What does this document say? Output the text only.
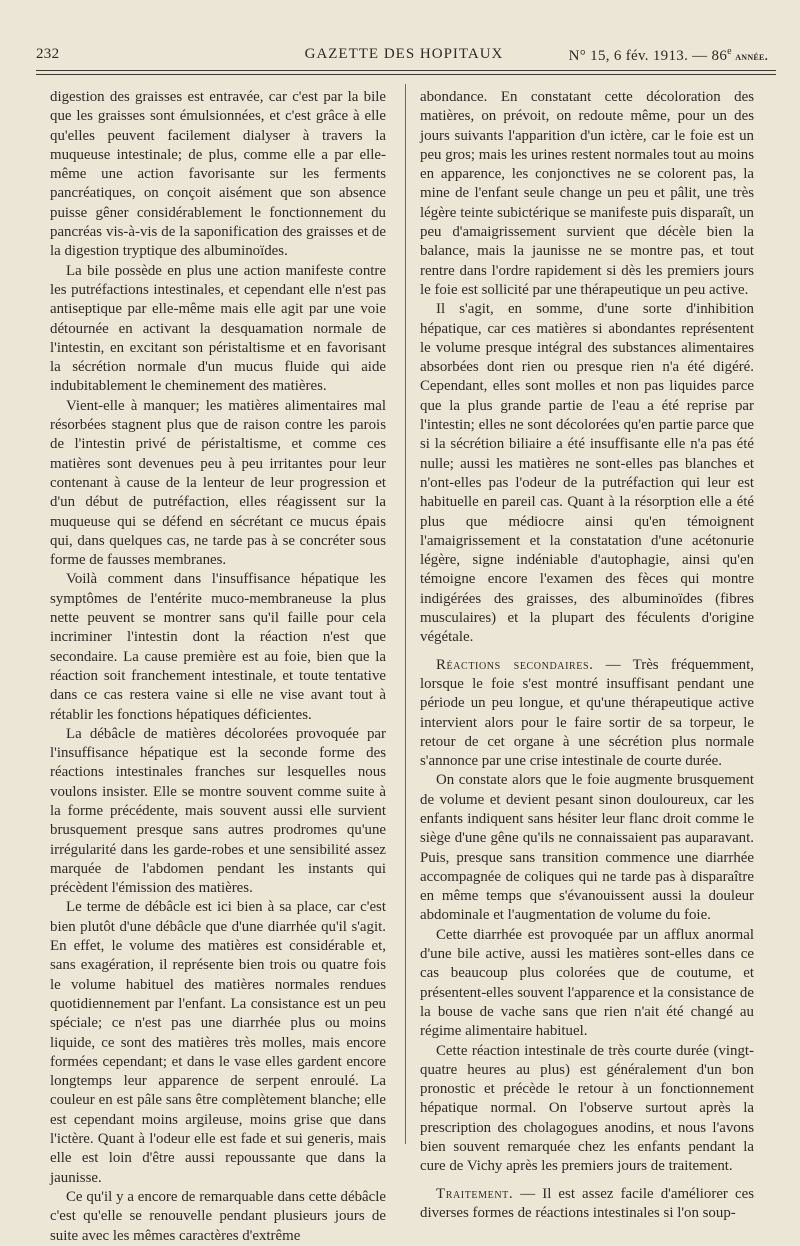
232	GAZETTE DES HOPITAUX	N° 15, 6 fév. 1913. — 86e année.

digestion des graisses est entravée, car c'est par la bile que les graisses sont émulsionnées, et c'est grâce à elle qu'elles peuvent facilement dialyser à travers la muqueuse intestinale; de plus, comme elle a par elle-même une action favorisante sur les ferments pancréatiques, on conçoit aisément que son absence puisse gêner considérablement le fonctionnement du pancréas vis-à-vis de la saponification des graisses et de la digestion tryptique des albuminoïdes.

La bile possède en plus une action manifeste contre les putréfactions intestinales, et cependant elle n'est pas antiseptique par elle-même mais elle agit par une voie détournée en activant la desquamation normale de l'intestin, en excitant son péristaltisme et en favorisant la sécrétion normale d'un mucus fluide qui aide indubitablement le cheminement des matières.

Vient-elle à manquer; les matières alimentaires mal résorbées stagnent plus que de raison contre les parois de l'intestin privé de péristaltisme, et comme ces matières sont devenues peu à peu irritantes pour leur contenant à cause de la lenteur de leur progression et d'un début de putréfaction, elles réagissent sur la muqueuse qui se défend en sécrétant ce mucus épais qui, dans quelques cas, ne tarde pas à se concréter sous forme de fausses membranes.

Voilà comment dans l'insuffisance hépatique les symptômes de l'entérite muco-membraneuse la plus nette peuvent se montrer sans qu'il faille pour cela incriminer l'intestin dont la réaction n'est que secondaire. La cause première est au foie, bien que la réaction soit franchement intestinale, et toute tentative dans ce cas restera vaine si elle ne vise avant tout à rétablir les fonctions hépatiques déficientes.

La débâcle de matières décolorées provoquée par l'insuffisance hépatique est la seconde forme des réactions intestinales franches sur lesquelles nous voulons insister. Elle se montre souvent comme suite à la forme précédente, mais souvent aussi elle survient brusquement presque sans autres prodromes qu'une irrégularité dans les garde-robes et une sensibilité assez marquée de l'abdomen pendant les instants qui précèdent l'émission des matières.

Le terme de débâcle est ici bien à sa place, car c'est bien plutôt d'une débâcle que d'une diarrhée qu'il s'agit. En effet, le volume des matières est considérable et, sans exagération, il représente bien trois ou quatre fois le volume habituel des matières normales rendues quotidiennement par l'enfant. La consistance est un peu spéciale; ce n'est pas une diarrhée plus ou moins liquide, ce sont des matières très molles, mais encore formées cependant; et dans le vase elles gardent encore longtemps leur apparence de serpent enroulé. La couleur en est pâle sans être complètement blanche; elle est cependant moins argileuse, moins grise que dans l'ictère. Quant à l'odeur elle est fade et sui generis, mais elle est loin d'être aussi repoussante que dans la jaunisse.

Ce qu'il y a encore de remarquable dans cette débâcle c'est qu'elle se renouvelle pendant plusieurs jours de suite avec les mêmes caractères d'extrême

abondance. En constatant cette décoloration des matières, on prévoit, on redoute même, pour un des jours suivants l'apparition d'un ictère, car le foie est un peu gros; mais les urines restent normales tout au moins en apparence, les conjonctives ne se colorent pas, la mine de l'enfant seule change un peu et pâlit, une très légère teinte subictérique se manifeste puis disparaît, un peu d'amaigrissement survient que décèle bien la balance, mais la jaunisse ne se montre pas, et tout rentre dans l'ordre rapidement si dès les premiers jours le foie est sollicité par une thérapeutique un peu active.

Il s'agit, en somme, d'une sorte d'inhibition hépatique, car ces matières si abondantes représentent le volume presque intégral des substances alimentaires absorbées dont rien ou presque rien n'a été digéré. Cependant, elles sont molles et non pas liquides parce que la plus grande partie de l'eau a été reprise par l'intestin; elles ne sont décolorées qu'en partie parce que si la sécrétion biliaire a été insuffisante elle n'a pas été nulle; aussi les matières ne sont-elles pas blanches et n'ont-elles pas l'odeur de la putréfaction qui leur est habituelle en pareil cas. Quant à la résorption elle a été plus que médiocre ainsi qu'en témoignent l'amaigrissement et la constatation d'une acétonurie légère, signe indéniable d'autophagie, ainsi qu'en témoigne encore l'examen des fèces qui montre indigérées des graisses, des albuminoïdes (fibres musculaires) et la plupart des féculents d'origine végétale.

Réactions secondaires. — Très fréquemment, lorsque le foie s'est montré insuffisant pendant une période un peu longue, et qu'une thérapeutique active intervient alors pour le faire sortir de sa torpeur, le retour de cet organe à une sécrétion plus normale s'annonce par une crise intestinale de courte durée.

On constate alors que le foie augmente brusquement de volume et devient pesant sinon douloureux, car les enfants indiquent sans hésiter leur flanc droit comme le siège d'une gêne qu'ils ne connaissaient pas auparavant. Puis, presque sans transition commence une diarrhée accompagnée de coliques qui ne tarde pas à disparaître en même temps que s'évanouissent aussi la douleur abdominale et l'augmentation de volume du foie.

Cette diarrhée est provoquée par un afflux anormal d'une bile active, aussi les matières sont-elles dans ce cas beaucoup plus colorées que de coutume, et présentent-elles souvent l'apparence et la consistance de la bouse de vache sans que rien n'ait été changé au régime alimentaire habituel.

Cette réaction intestinale de très courte durée (vingt-quatre heures au plus) est généralement d'un bon pronostic et précède le retour à un fonctionnement hépatique normal. On l'observe surtout après la prescription des cholagogues anodins, et nous l'avons bien souvent remarquée chez les enfants pendant la cure de Vichy après les premiers jours de traitement.

Traitement. — Il est assez facile d'améliorer ces diverses formes de réactions intestinales si l'on soup-
